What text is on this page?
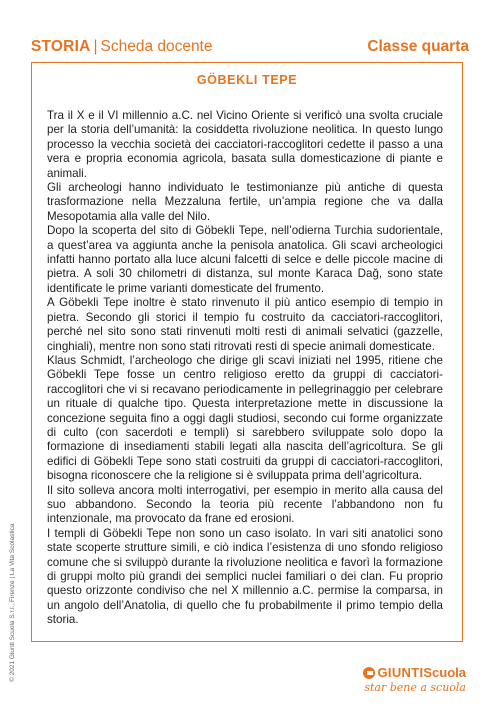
STORIA | Scheda docente	Classe quarta
GÖBEKLI TEPE

Tra il X e il VI millennio a.C. nel Vicino Oriente si verificò una svolta cruciale per la storia dell’umanità: la cosiddetta rivoluzione neolitica. In questo lungo processo la vecchia società dei cacciatori-raccoglitori cedette il passo a una vera e propria economia agricola, basata sulla domesticazione di piante e animali.

Gli archeologi hanno individuato le testimonianze più antiche di questa trasformazione nella Mezzaluna fertile, un’ampia regione che va dalla Mesopotamia alla valle del Nilo.

Dopo la scoperta del sito di Göbekli Tepe, nell’odierna Turchia sudorientale, a quest’area va aggiunta anche la penisola anatolica. Gli scavi archeologici infatti hanno portato alla luce alcuni falcetti di selce e delle piccole macine di pietra. A soli 30 chilometri di distanza, sul monte Karaca Dağ, sono state identificate le prime varianti domesticate del frumento.

A Göbekli Tepe inoltre è stato rinvenuto il più antico esempio di tempio in pietra. Secondo gli storici il tempio fu costruito da cacciatori-raccoglitori, perché nel sito sono stati rinvenuti molti resti di animali selvatici (gazzelle, cinghiali), mentre non sono stati ritrovati resti di specie animali domesticate.

Klaus Schmidt, l’archeologo che dirige gli scavi iniziati nel 1995, ritiene che Göbekli Tepe fosse un centro religioso eretto da gruppi di cacciatori-raccoglitori che vi si recavano periodicamente in pellegrinaggio per celebrare un rituale di qualche tipo. Questa interpretazione mette in discussione la concezione seguita fino a oggi dagli studiosi, secondo cui forme organizzate di culto (con sacerdoti e templi) si sarebbero sviluppate solo dopo la formazione di insediamenti stabili legati alla nascita dell’agricoltura. Se gli edifici di Göbekli Tepe sono stati costruiti da gruppi di cacciatori-raccoglitori, bisogna riconoscere che la religione si è sviluppata prima dell’agricoltura.

Il sito solleva ancora molti interrogativi, per esempio in merito alla causa del suo abbandono. Secondo la teoria più recente l’abbandono non fu intenzionale, ma provocato da frane ed erosioni.

I templi di Göbekli Tepe non sono un caso isolato. In vari siti anatolici sono state scoperte strutture simili, e ciò indica l’esistenza di uno sfondo religioso comune che si sviluppò durante la rivoluzione neolitica e favorì la formazione di gruppi molto più grandi dei semplici nuclei familiari o dei clan. Fu proprio questo orizzonte condiviso che nel X millennio a.C. permise la comparsa, in un angolo dell’Anatolia, di quello che fu probabilmente il primo tempio della storia.

© 2021 Giunti Scuola S.r.l., Firenze | La Vita Scolastica	GIUNTI Scuola
star bene a scuola
